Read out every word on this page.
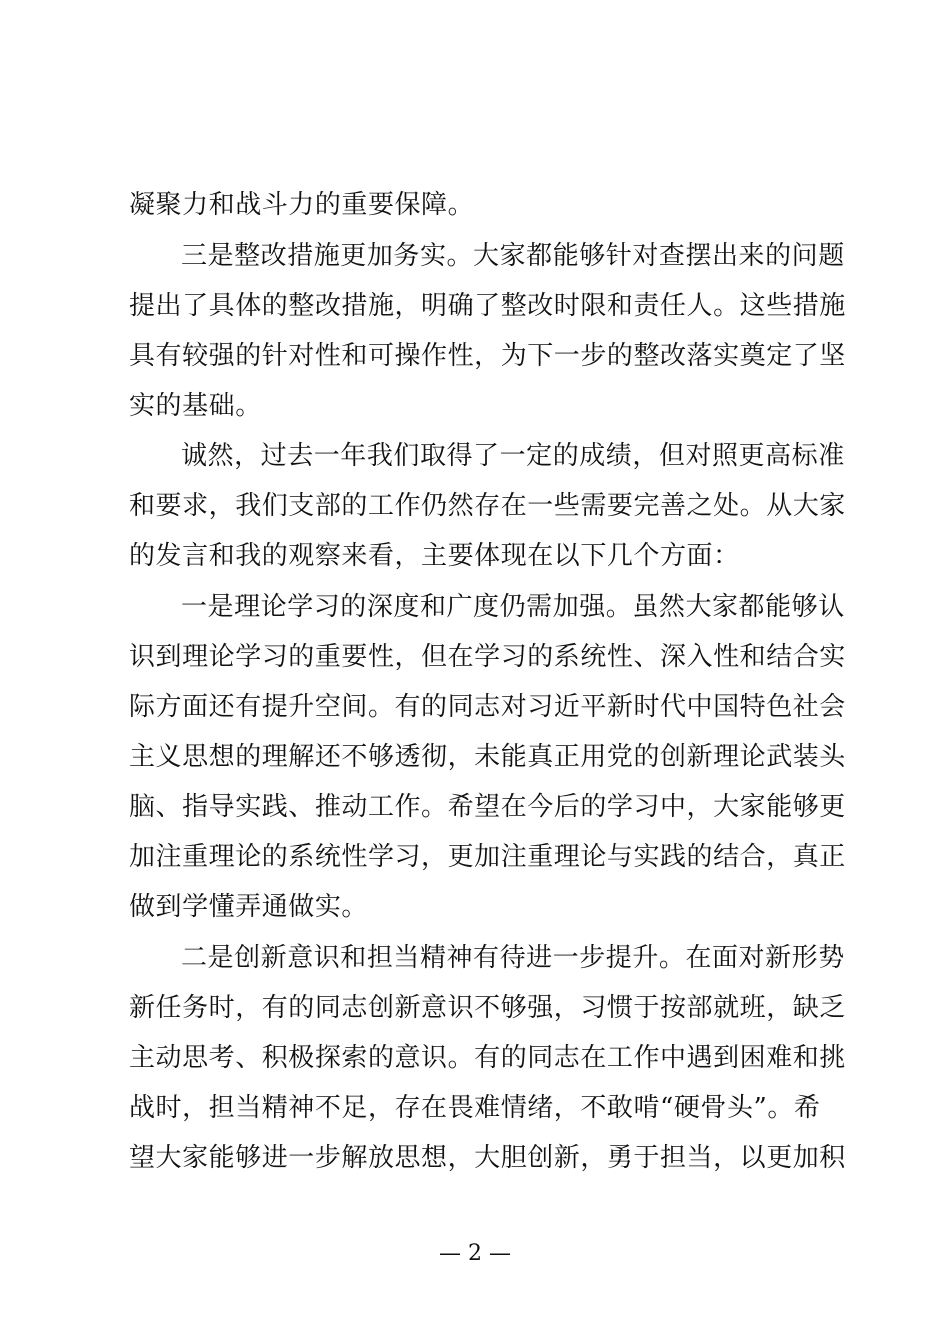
凝聚力和战斗力的重要保障。
三是整改措施更加务实。大家都能够针对查摆出来的问题
提出了具体的整改措施，明确了整改时限和责任人。这些措施
具有较强的针对性和可操作性，为下一步的整改落实奠定了坚
实的基础。
诚然，过去一年我们取得了一定的成绩，但对照更高标准
和要求，我们支部的工作仍然存在一些需要完善之处。从大家
的发言和我的观察来看，主要体现在以下几个方面：
一是理论学习的深度和广度仍需加强。虽然大家都能够认
识到理论学习的重要性，但在学习的系统性、深入性和结合实
际方面还有提升空间。有的同志对习近平新时代中国特色社会
主义思想的理解还不够透彻，未能真正用党的创新理论武装头
脑、指导实践、推动工作。希望在今后的学习中，大家能够更
加注重理论的系统性学习，更加注重理论与实践的结合，真正
做到学懂弄通做实。
二是创新意识和担当精神有待进一步提升。在面对新形势
新任务时，有的同志创新意识不够强，习惯于按部就班，缺乏
主动思考、积极探索的意识。有的同志在工作中遇到困难和挑
战时，担当精神不足，存在畏难情绪，不敢啃“硬骨头”。希
望大家能够进一步解放思想，大胆创新，勇于担当，以更加积
— 2 —
